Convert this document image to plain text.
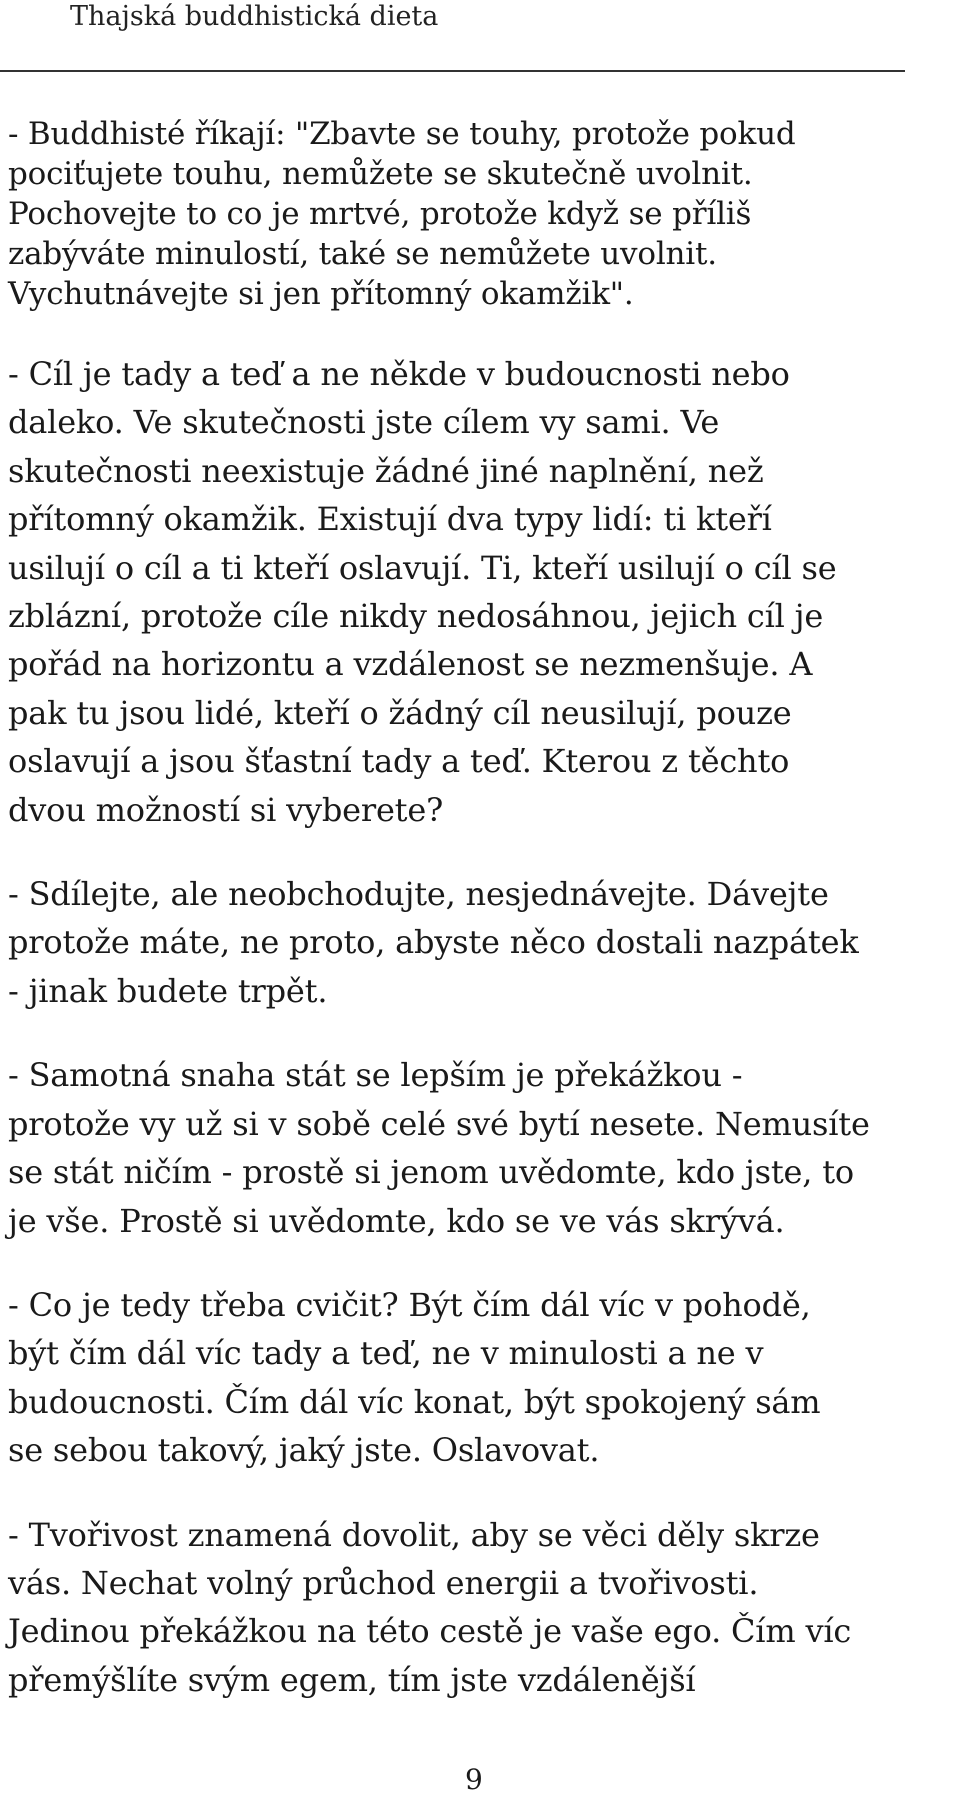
Thajská buddhistická dieta

- Buddhisté říkají: "Zbavte se touhy, protože pokud
pociťujete touhu, nemůžete se skutečně uvolnit.
Pochovejte to co je mrtvé, protože když se příliš
zabýváte minulostí, také se nemůžete uvolnit.
Vychutnávejte si jen přítomný okamžik".

- Cíl je tady a teď a ne někde v budoucnosti nebo
daleko. Ve skutečnosti jste cílem vy sami. Ve
skutečnosti neexistuje žádné jiné naplnění, než
přítomný okamžik. Existují dva typy lidí: ti kteří
usilují o cíl a ti kteří oslavují. Ti, kteří usilují o cíl se
zblázní, protože cíle nikdy nedosáhnou, jejich cíl je
pořád na horizontu a vzdálenost se nezmenšuje. A
pak tu jsou lidé, kteří o žádný cíl neusilují, pouze
oslavují a jsou šťastní tady a teď. Kterou z těchto
dvou možností si vyberete?

- Sdílejte, ale neobchodujte, nesjednávejte. Dávejte
protože máte, ne proto, abyste něco dostali nazpátek
- jinak budete trpět.

- Samotná snaha stát se lepším je překážkou -
protože vy už si v sobě celé své bytí nesete. Nemusíte
se stát ničím - prostě si jenom uvědomte, kdo jste, to
je vše. Prostě si uvědomte, kdo se ve vás skrývá.

- Co je tedy třeba cvičit? Být čím dál víc v pohodě,
být čím dál víc tady a teď, ne v minulosti a ne v
budoucnosti. Čím dál víc konat, být spokojený sám
se sebou takový, jaký jste. Oslavovat.

- Tvořivost znamená dovolit, aby se věci děly skrze
vás. Nechat volný průchod energii a tvořivosti.
Jedinou překážkou na této cestě je vaše ego. Čím víc
přemýšlíte svým egem, tím jste vzdálenější

9
